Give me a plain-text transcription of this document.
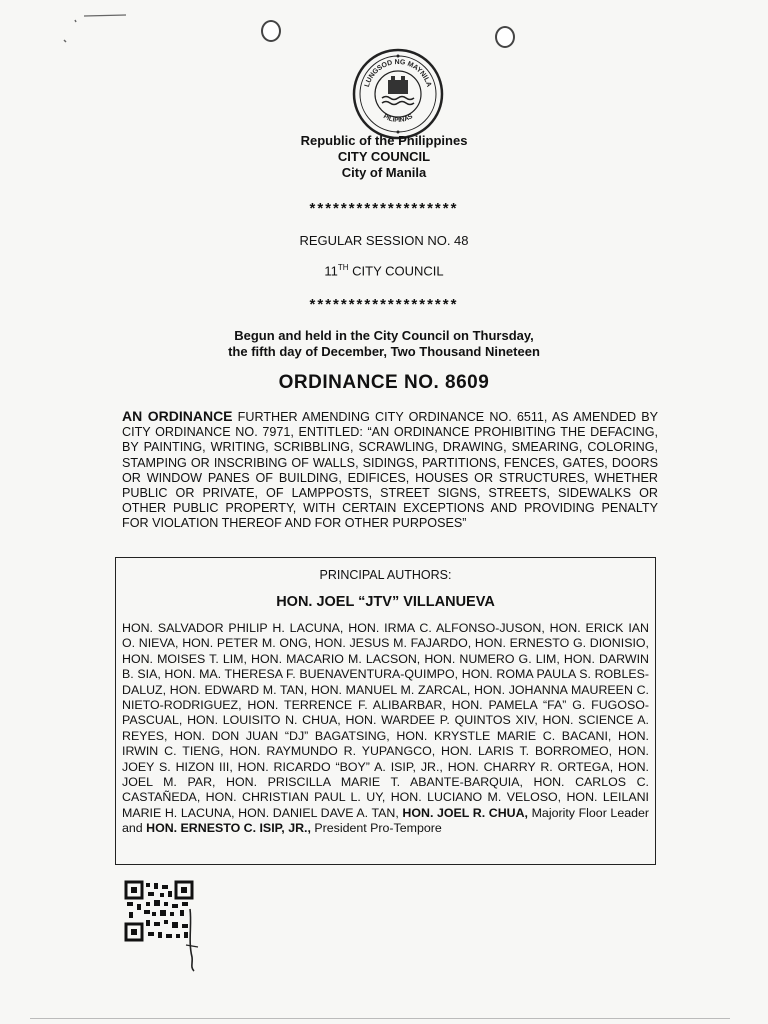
LUNGSOD NG MAYNILA
PILIPINAS
Republic of the Philippines
CITY COUNCIL
City of Manila
*******************
REGULAR SESSION NO. 48
11TH CITY COUNCIL
*******************
Begun and held in the City Council on Thursday,
the fifth day of December, Two Thousand Nineteen
ORDINANCE NO. 8609
AN ORDINANCE FURTHER AMENDING CITY ORDINANCE NO. 6511, AS AMENDED BY CITY ORDINANCE NO. 7971, ENTITLED: “AN ORDINANCE PROHIBITING THE DEFACING, BY PAINTING, WRITING, SCRIBBLING, SCRAWLING, DRAWING, SMEARING, COLORING, STAMPING OR INSCRIBING OF WALLS, SIDINGS, PARTITIONS, FENCES, GATES, DOORS OR WINDOW PANES OF BUILDING, EDIFICES, HOUSES OR STRUCTURES, WHETHER PUBLIC OR PRIVATE, OF LAMPPOSTS, STREET SIGNS, STREETS, SIDEWALKS OR OTHER PUBLIC PROPERTY, WITH CERTAIN EXCEPTIONS AND PROVIDING PENALTY FOR VIOLATION THEREOF AND FOR OTHER PURPOSES”
PRINCIPAL AUTHORS:
HON. JOEL “JTV” VILLANUEVA
HON. SALVADOR PHILIP H. LACUNA, HON. IRMA C. ALFONSO-JUSON, HON. ERICK IAN O. NIEVA, HON. PETER M. ONG, HON. JESUS M. FAJARDO, HON. ERNESTO G. DIONISIO, HON. MOISES T. LIM, HON. MACARIO M. LACSON, HON. NUMERO G. LIM, HON. DARWIN B. SIA, HON. MA. THERESA F. BUENAVENTURA-QUIMPO, HON. ROMA PAULA S. ROBLES-DALUZ, HON. EDWARD M. TAN, HON. MANUEL M. ZARCAL, HON. JOHANNA MAUREEN C. NIETO-RODRIGUEZ, HON. TERRENCE F. ALIBARBAR, HON. PAMELA “FA” G. FUGOSO-PASCUAL, HON. LOUISITO N. CHUA, HON. WARDEE P. QUINTOS XIV, HON. SCIENCE A. REYES, HON. DON JUAN “DJ” BAGATSING, HON. KRYSTLE MARIE C. BACANI, HON. IRWIN C. TIENG, HON. RAYMUNDO R. YUPANGCO, HON. LARIS T. BORROMEO, HON. JOEY S. HIZON III, HON. RICARDO “BOY” A. ISIP, JR., HON. CHARRY R. ORTEGA, HON. JOEL M. PAR, HON. PRISCILLA MARIE T. ABANTE-BARQUIA, HON. CARLOS C. CASTAÑEDA, HON. CHRISTIAN PAUL L. UY, HON. LUCIANO M. VELOSO, HON. LEILANI MARIE H. LACUNA, HON. DANIEL DAVE A. TAN, HON. JOEL R. CHUA, Majority Floor Leader and HON. ERNESTO C. ISIP, JR., President Pro-Tempore
